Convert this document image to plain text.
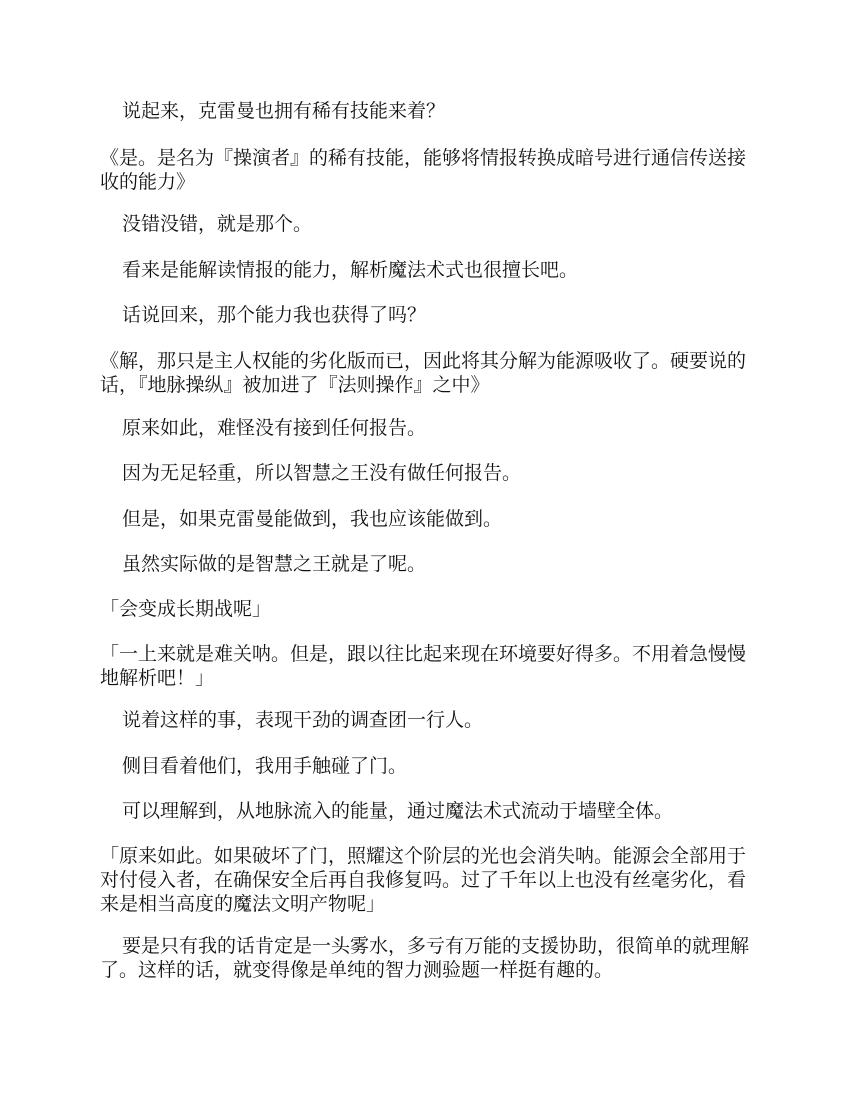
说起来，克雷曼也拥有稀有技能来着？

《是。是名为『操演者』的稀有技能，能够将情报转换成暗号进行通信传送接收的能力》

没错没错，就是那个。

看来是能解读情报的能力，解析魔法术式也很擅长吧。

话说回来，那个能力我也获得了吗？

《解，那只是主人权能的劣化版而已，因此将其分解为能源吸收了。硬要说的话，『地脉操纵』被加进了『法则操作』之中》

原来如此，难怪没有接到任何报告。

因为无足轻重，所以智慧之王没有做任何报告。

但是，如果克雷曼能做到，我也应该能做到。

虽然实际做的是智慧之王就是了呢。

「会变成长期战呢」

「一上来就是难关呐。但是，跟以往比起来现在环境要好得多。不用着急慢慢地解析吧！」

说着这样的事，表现干劲的调查团一行人。

侧目看着他们，我用手触碰了门。

可以理解到，从地脉流入的能量，通过魔法术式流动于墙壁全体。

「原来如此。如果破坏了门，照耀这个阶层的光也会消失呐。能源会全部用于对付侵入者，在确保安全后再自我修复吗。过了千年以上也没有丝毫劣化，看来是相当高度的魔法文明产物呢」

要是只有我的话肯定是一头雾水，多亏有万能的支援协助，很简单的就理解了。这样的话，就变得像是单纯的智力测验题一样挺有趣的。
